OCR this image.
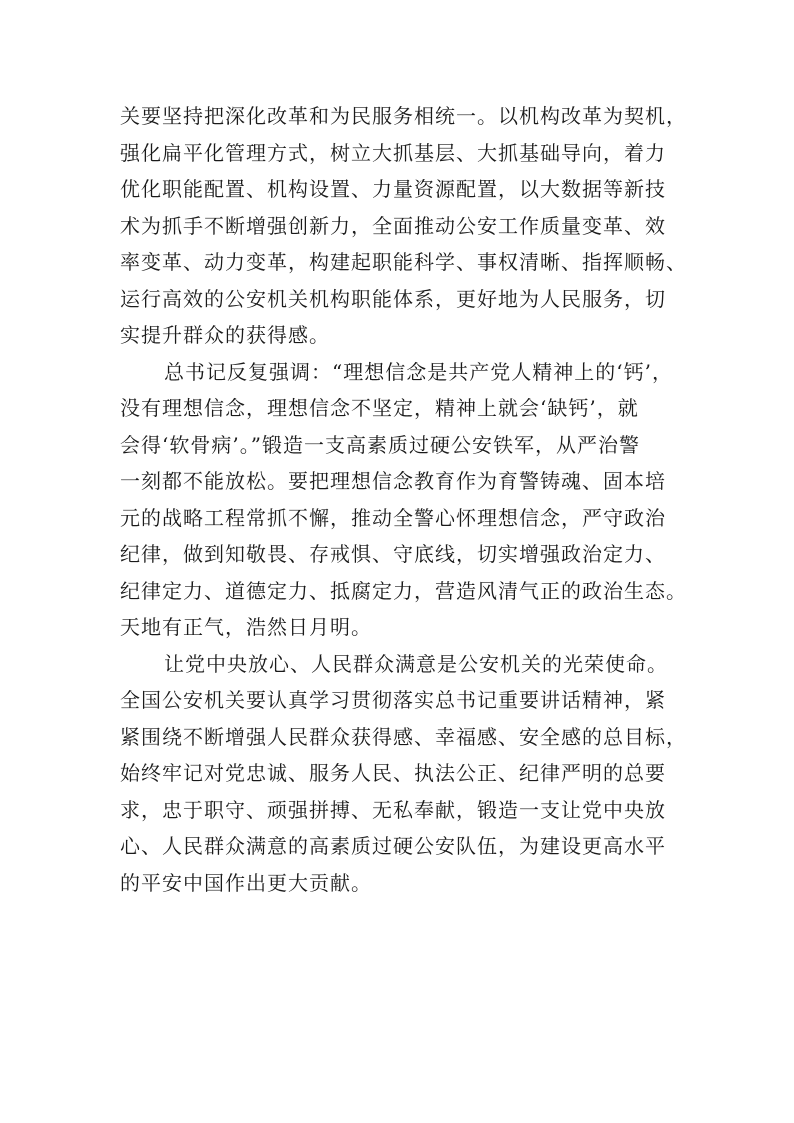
关要坚持把深化改革和为民服务相统一。以机构改革为契机，
强化扁平化管理方式，树立大抓基层、大抓基础导向，着力
优化职能配置、机构设置、力量资源配置，以大数据等新技
术为抓手不断增强创新力，全面推动公安工作质量变革、效
率变革、动力变革，构建起职能科学、事权清晰、指挥顺畅、
运行高效的公安机关机构职能体系，更好地为人民服务，切
实提升群众的获得感。
总书记反复强调：“理想信念是共产党人精神上的‘钙’，
没有理想信念，理想信念不坚定，精神上就会‘缺钙’，就
会得‘软骨病’。”锻造一支高素质过硬公安铁军，从严治警
一刻都不能放松。要把理想信念教育作为育警铸魂、固本培
元的战略工程常抓不懈，推动全警心怀理想信念，严守政治
纪律，做到知敬畏、存戒惧、守底线，切实增强政治定力、
纪律定力、道德定力、抵腐定力，营造风清气正的政治生态。
天地有正气，浩然日月明。
让党中央放心、人民群众满意是公安机关的光荣使命。
全国公安机关要认真学习贯彻落实总书记重要讲话精神，紧
紧围绕不断增强人民群众获得感、幸福感、安全感的总目标，
始终牢记对党忠诚、服务人民、执法公正、纪律严明的总要
求，忠于职守、顽强拼搏、无私奉献，锻造一支让党中央放
心、人民群众满意的高素质过硬公安队伍，为建设更高水平
的平安中国作出更大贡献。
